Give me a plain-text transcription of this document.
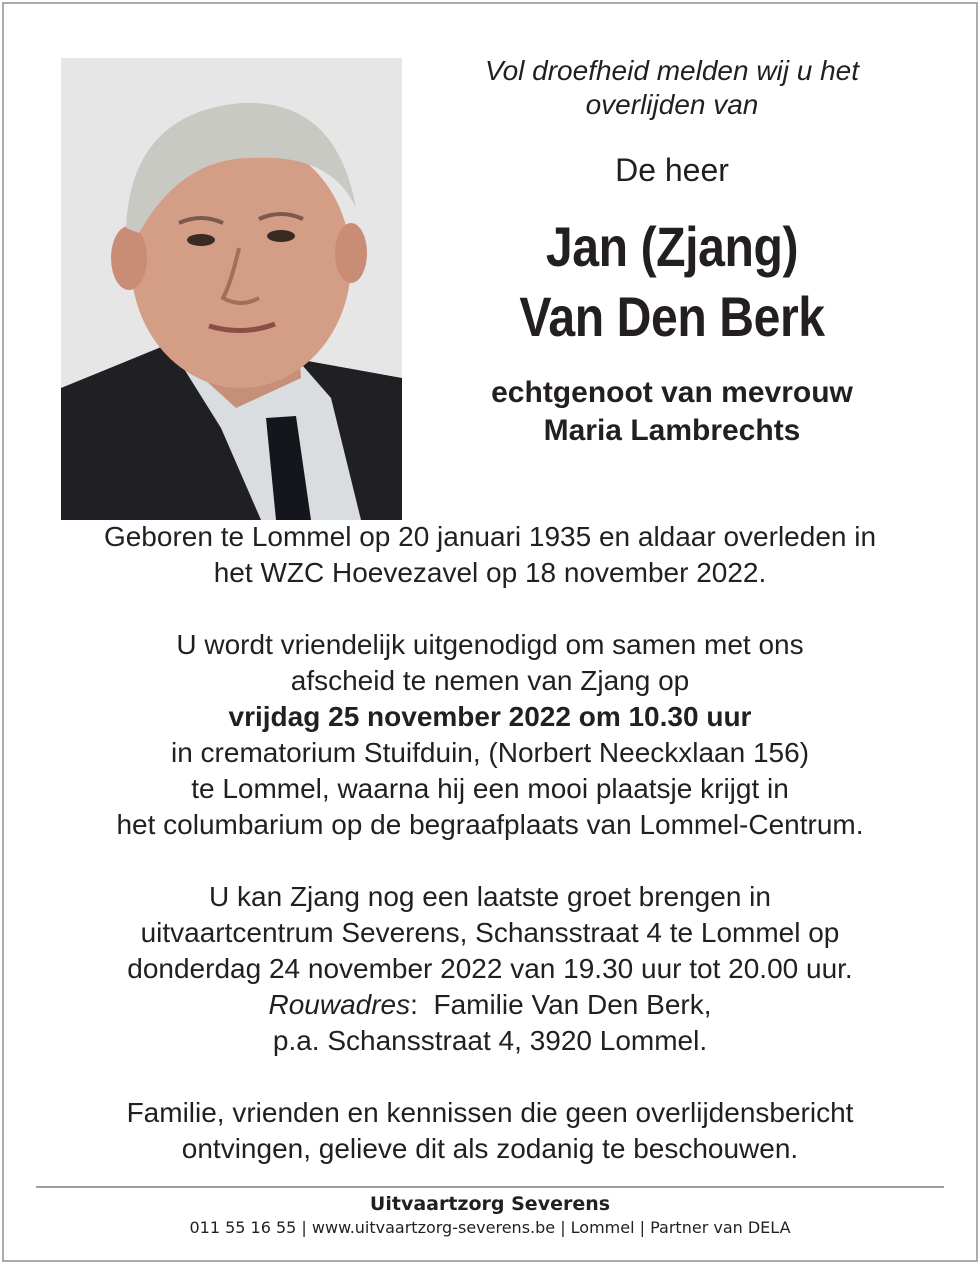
Vol droefheid melden wij u het
overlijden van

De heer

Jan (Zjang)
Van Den Berk

echtgenoot van mevrouw
Maria Lambrechts

Geboren te Lommel op 20 januari 1935 en aldaar overleden in
het WZC Hoevezavel op 18 november 2022.

U wordt vriendelijk uitgenodigd om samen met ons
afscheid te nemen van Zjang op
vrijdag 25 november 2022 om 10.30 uur
in crematorium Stuifduin, (Norbert Neeckxlaan 156)
te Lommel, waarna hij een mooi plaatsje krijgt in
het columbarium op de begraafplaats van Lommel-Centrum.

U kan Zjang nog een laatste groet brengen in
uitvaartcentrum Severens, Schansstraat 4 te Lommel op
donderdag 24 november 2022 van 19.30 uur tot 20.00 uur.
Rouwadres:  Familie Van Den Berk,
p.a. Schansstraat 4, 3920 Lommel.

Familie, vrienden en kennissen die geen overlijdensbericht
ontvingen, gelieve dit als zodanig te beschouwen.

Uitvaartzorg Severens
011 55 16 55 | www.uitvaartzorg-severens.be | Lommel | Partner van DELA
